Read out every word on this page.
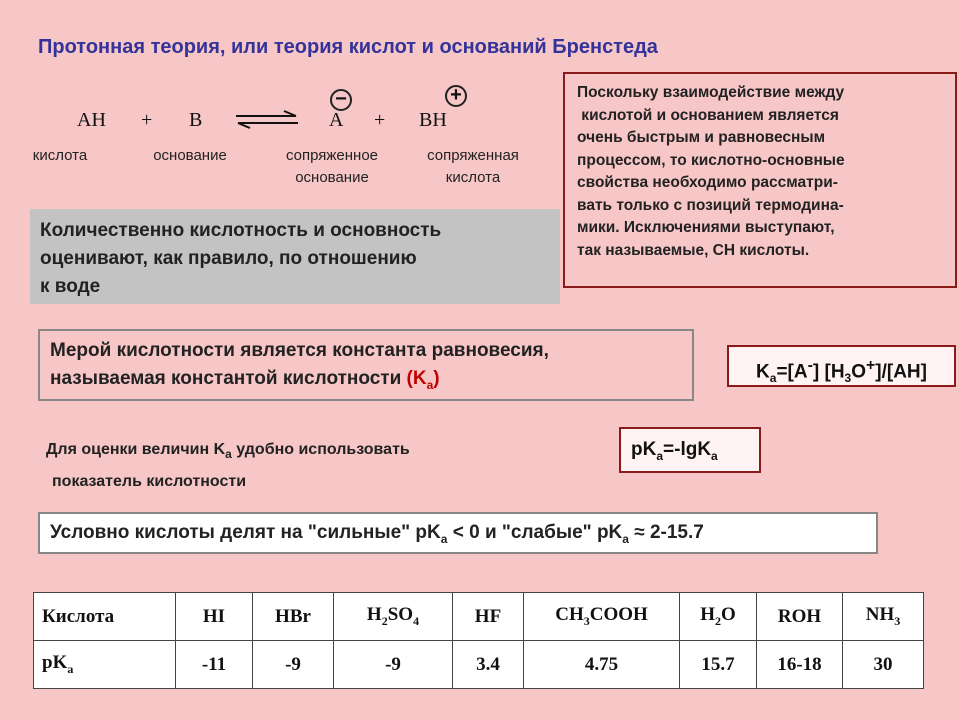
Протонная теория, или теория кислот и оснований Бренстеда
AH + B	A + BH
−	+
кислота	основание	сопряженное
основание
сопряженная
кислота
Количественно кислотность и основность
оценивают, как правило, по отношению
к воде
Поскольку взаимодействие между
кислотой и основанием является
очень быстрым и равновесным
процессом, то кислотно-основные
свойства необходимо рассматри-
вать только с позиций термодина-
мики. Исключениями выступают,
так называемые, СН кислоты.
Мерой кислотности является константа равновесия,
называемая константой кислотности $(K_a)$	$K_a=[A^-]$ $[H_3O^+]/[AH]$
Для оценки величин $K_a$ удобно использовать
показатель кислотности
$pK_a=-\lg K_a$
Условно кислоты делят на "сильные" $pK_a < 0$ и "слабые" $pK_a \approx 2-15.7$
Кислота	HI	HBr	$H_2SO_4$	HF	$CH_3COOH$	$H_2O$	ROH	$NH_3$
$pK_a$	-11	-9	-9	3.4	4.75	15.7	16-18	30
